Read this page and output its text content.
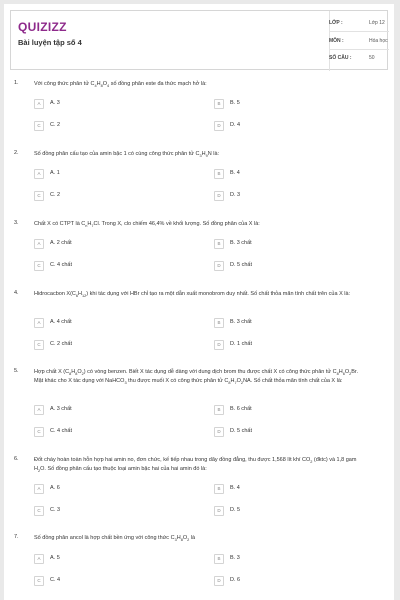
QUIZIZZ
Bài luyện tập số 4
LỚP :	Lớp 12
MÔN :	Hóa học
SỐ CÂU :	50
1.	Với công thức phân tử $C_4H_8O_4$ số đồng phân este đa thức mạch hở là:
A	A. 3	B	B. 5
C	C. 2	D	D. 4
2.	Số đồng phân cấu tạo của amin bậc 1 có cùng công thức phân tử $C_3H_9N$ là:
A	A. 1	B	B. 4
C	C. 2	D	D. 3
3.	Chất X có CTPT là $C_nH_7Cl$. Trong X, clo chiếm 46,4% về khối lượng. Số đồng phân của X là:
A	A. 2 chất	B	B. 3 chất
C	C. 4 chất	D	D. 5 chất
4.	Hidrocacbon $X(C_6H_{12})$ khi tác dụng với HBr chỉ tạo ra một dẫn xuất monobrom duy nhất. Số chất thỏa mãn tính chất trên của X là:
A	A. 4 chất	B	B. 3 chất
C	C. 2 chất	D	D. 1 chất
5.	Hợp chất X $(C_8H_8O_2)$ có vòng benzen. Biết X tác dụng dễ dàng với dung dịch brom thu được chất X có công thức phân tử $C_8H_6O_2Br$. Mặt khác cho X tác dụng với NaHCO$_3$ thu được muối X có công thức phân tử $C_8H_7O_2NA$. Số chất thỏa mãn tính chất của X là:
A	A. 3 chất	B	B. 6 chất
C	C. 4 chất	D	D. 5 chất
6.	Đốt cháy hoàn toàn hỗn hợp hai amin no, đơn chức, kế tiếp nhau trong dãy đồng đẳng, thu được 1,568 lít khí $CO_2$ (đktc) và 1,8 gam $H_2O$. Số đồng phân cấu tạo thuộc loại amin bậc hai của hai amin đó là:
A	A. 6	B	B. 4
C	C. 3	D	D. 5
7.	Số đồng phân ancol là hợp chất bền ứng với công thức $C_3H_8O_2$ là
A	A. 5	B	B. 3
C	C. 4	D	D. 6
